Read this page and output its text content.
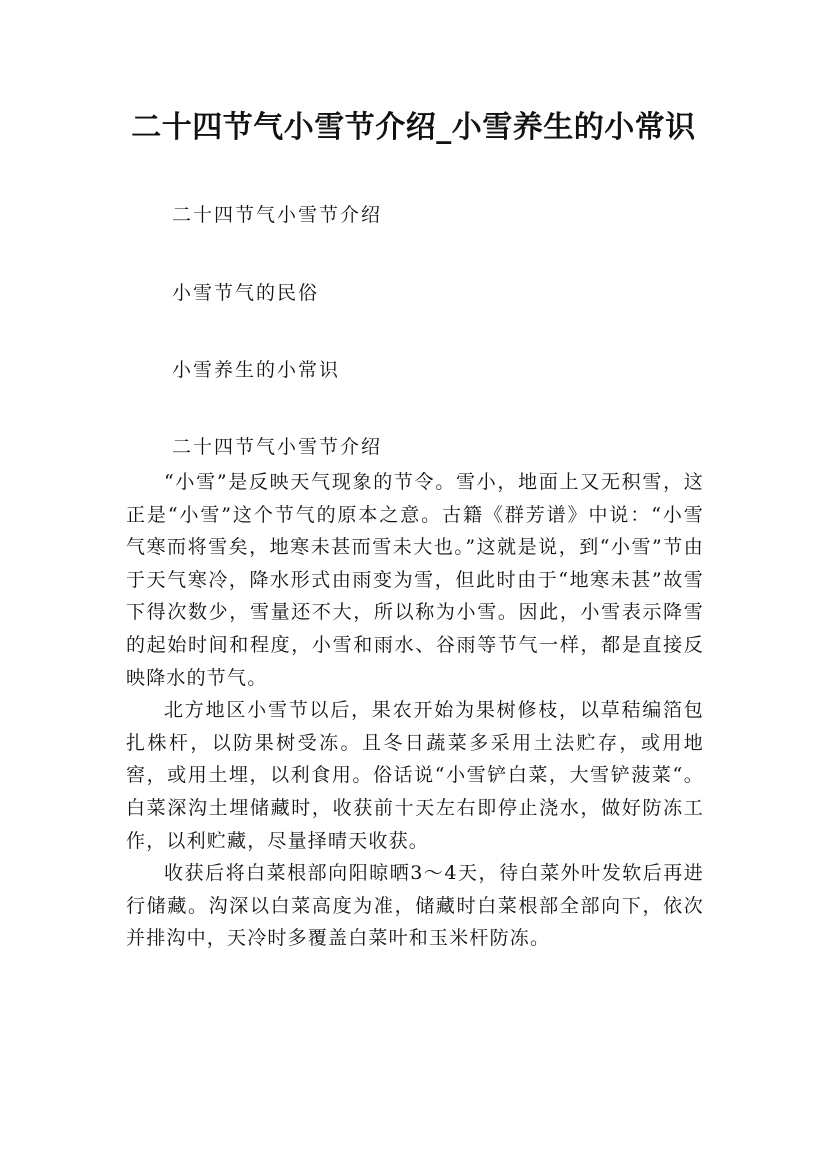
二十四节气小雪节介绍_小雪养生的小常识
二十四节气小雪节介绍
小雪节气的民俗
小雪养生的小常识
二十四节气小雪节介绍

“小雪”是反映天气现象的节令。雪小，地面上又无积雪，这正是“小雪”这个节气的原本之意。古籍《群芳谱》中说：“小雪气寒而将雪矣，地寒未甚而雪未大也。”这就是说，到“小雪”节由于天气寒冷，降水形式由雨变为雪，但此时由于“地寒未甚”故雪下得次数少，雪量还不大，所以称为小雪。因此，小雪表示降雪的起始时间和程度，小雪和雨水、谷雨等节气一样，都是直接反映降水的节气。

北方地区小雪节以后，果农开始为果树修枝，以草秸编箔包扎株杆，以防果树受冻。且冬日蔬菜多采用土法贮存，或用地窖，或用土埋，以利食用。俗话说“小雪铲白菜，大雪铲菠菜“。白菜深沟土埋储藏时，收获前十天左右即停止浇水，做好防冻工作，以利贮藏，尽量择晴天收获。

收获后将白菜根部向阳晾晒3～4天，待白菜外叶发软后再进行储藏。沟深以白菜高度为准，储藏时白菜根部全部向下，依次并排沟中，天冷时多覆盖白菜叶和玉米杆防冻。
